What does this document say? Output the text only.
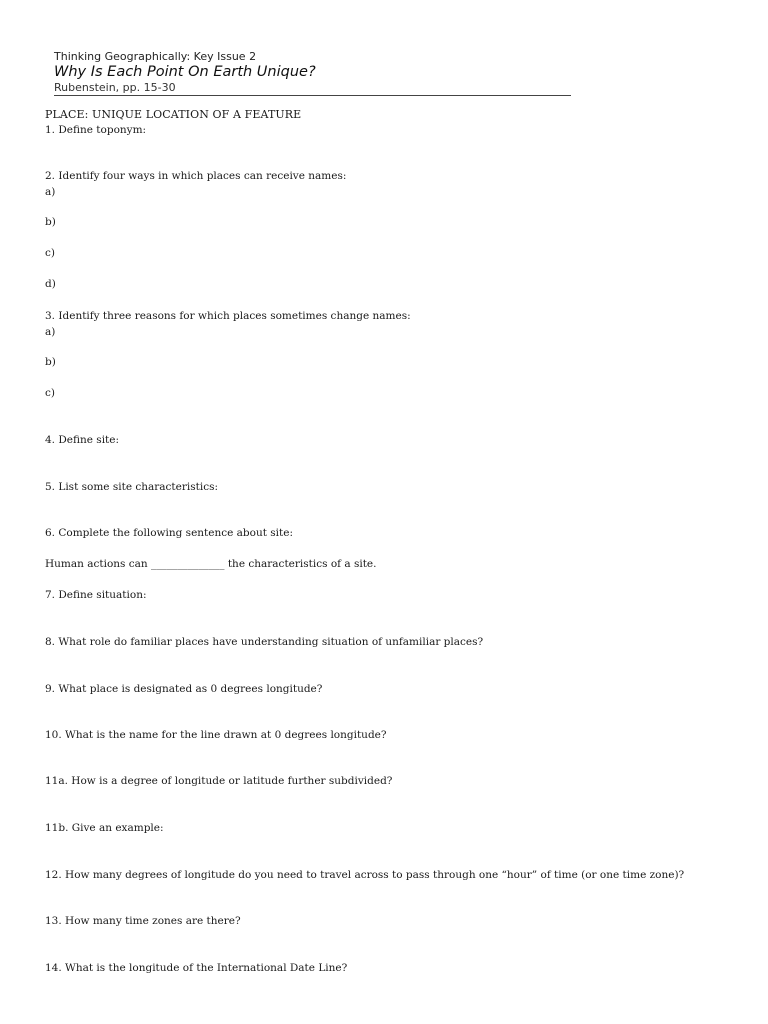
Thinking Geographically: Key Issue 2
Why Is Each Point On Earth Unique?
Rubenstein, pp. 15-30
PLACE: UNIQUE LOCATION OF A FEATURE
1. Define toponym:
2. Identify four ways in which places can receive names:
a)
b)
c)
d)
3. Identify three reasons for which places sometimes change names:
a)
b)
c)
4. Define site:
5. List some site characteristics:
6. Complete the following sentence about site:
Human actions can ______________ the characteristics of a site.
7. Define situation:
8. What role do familiar places have understanding situation of unfamiliar places?
9. What place is designated as 0 degrees longitude?
10. What is the name for the line drawn at 0 degrees longitude?
11a. How is a degree of longitude or latitude further subdivided?
11b. Give an example:
12. How many degrees of longitude do you need to travel across to pass through one “hour” of time (or one time zone)?
13. How many time zones are there?
14. What is the longitude of the International Date Line?
